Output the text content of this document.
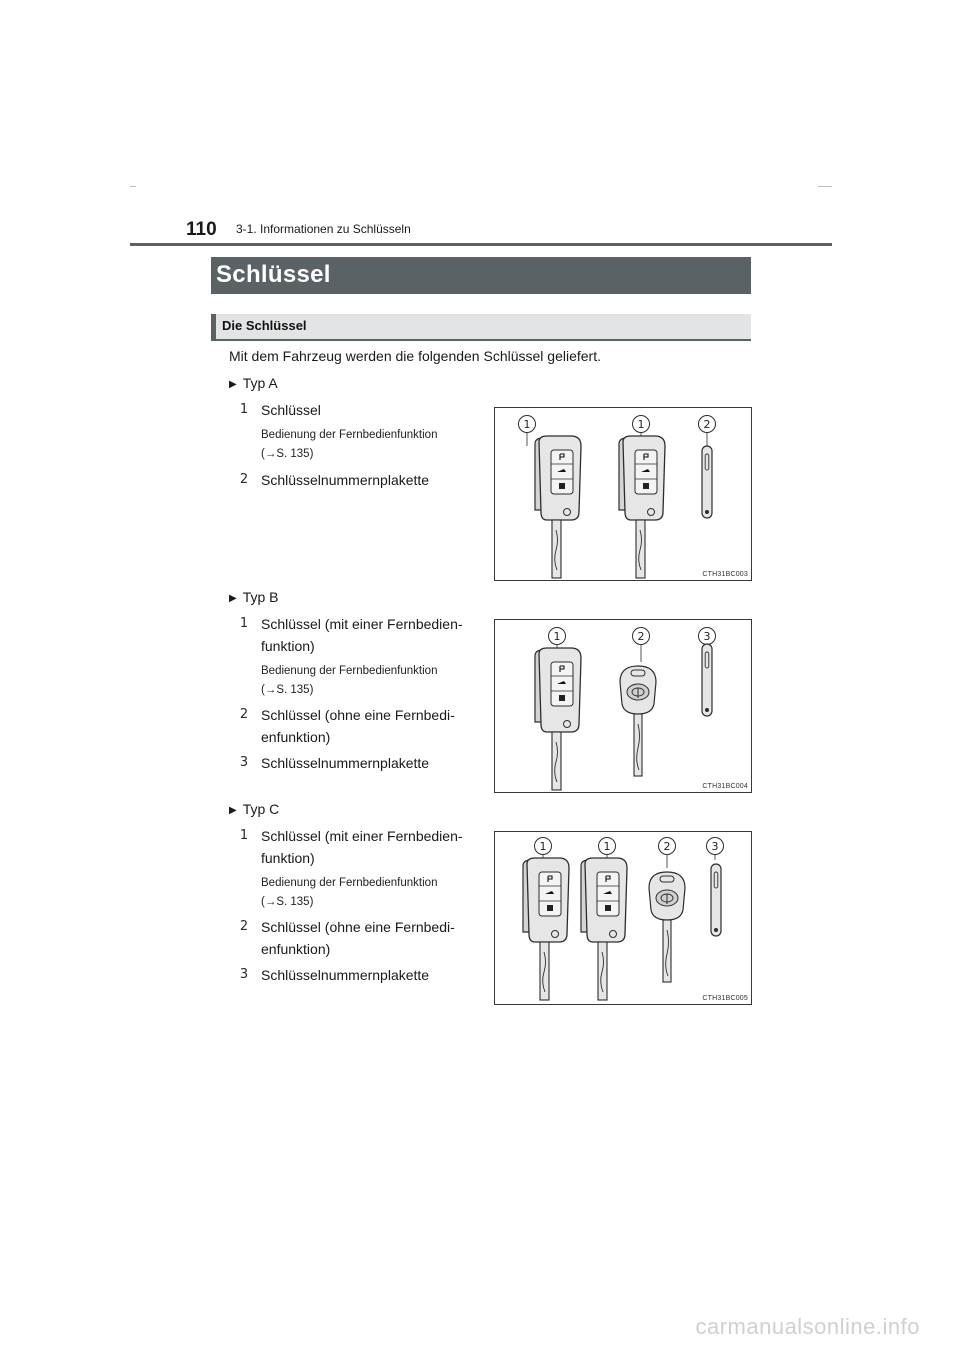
110 3-1. Informationen zu Schlüsseln
Schlüssel
Die Schlüssel
Mit dem Fahrzeug werden die folgenden Schlüssel geliefert.
▶ Typ A
1 Schlüssel
Bedienung der Fernbedienfunktion
(→S. 135)
2 Schlüsselnummernplakette
1	1	2
CTH31BC003
▶ Typ B
1 Schlüssel (mit einer Fernbedien-
funktion)
Bedienung der Fernbedienfunktion
(→S. 135)
2 Schlüssel (ohne eine Fernbedi-
enfunktion)
3 Schlüsselnummernplakette
1	2	3
CTH31BC004
▶ Typ C
1 Schlüssel (mit einer Fernbedien-
funktion)
Bedienung der Fernbedienfunktion
(→S. 135)
2 Schlüssel (ohne eine Fernbedi-
enfunktion)
3 Schlüsselnummernplakette
1	1	2	3
CTH31BC005
carmanualsonline.info
